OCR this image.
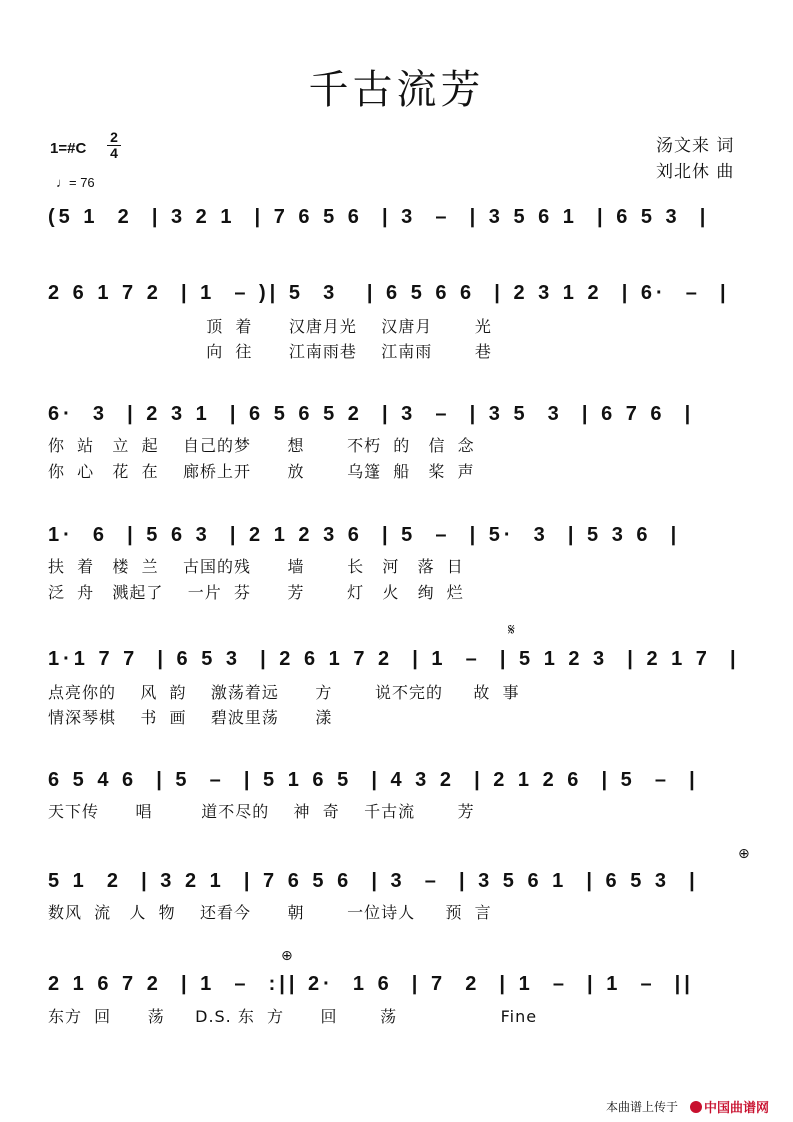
千古流芳
汤文来 词
刘北休 曲
1=#C
2
4
♩= 76
(5 1  2  | 3 2 1  | 7 6 5 6  | 3  –  | 3 5 6 1  | 6 5 3  |
2 6 1 7 2  | 1  – )| 5  3   | 6 5 6 6  | 2 3 1 2  | 6·  –  |
顶  着      汉唐月光    汉唐月       光
向  往      江南雨巷    江南雨       巷
6·  3  | 2 3 1  | 6 5 6 5 2  | 3  –  | 3 5  3  | 6 7 6  |
你  站   立  起    自己的梦      想       不朽  的   信  念
你  心   花  在    廊桥上开      放       乌篷  船   桨  声
1·  6  | 5 6 3  | 2 1 2 3 6  | 5  –  | 5·  3  | 5 3 6  |
扶  着   楼  兰    古国的残      墙       长   河   落  日
泛  舟   溅起了    一片  芬      芳       灯   火   绚  烂
𝄋
1·1 7 7  | 6 5 3  | 2 6 1 7 2  | 1  –  | 5 1 2 3  | 2 1 7  |
点亮你的    风  韵    激荡着远      方       说不完的     故  事
情深琴棋    书  画    碧波里荡      漾
6 5 4 6  | 5  –  | 5 1 6 5  | 4 3 2  | 2 1 2 6  | 5  –  |
天下传      唱        道不尽的    神  奇    千古流       芳
⊕
5 1  2  | 3 2 1  | 7 6 5 6  | 3  –  | 3 5 6 1  | 6 5 3  |
数风  流   人  物    还看今      朝       一位诗人     预  言
⊕
2 1 6 7 2  | 1  –  :|| 2·  1 6  | 7  2  | 1  –  | 1  –  ||
东方  回      荡     D.S. 东  方      回       荡                 Fine
本曲谱上传于	中国曲谱网
